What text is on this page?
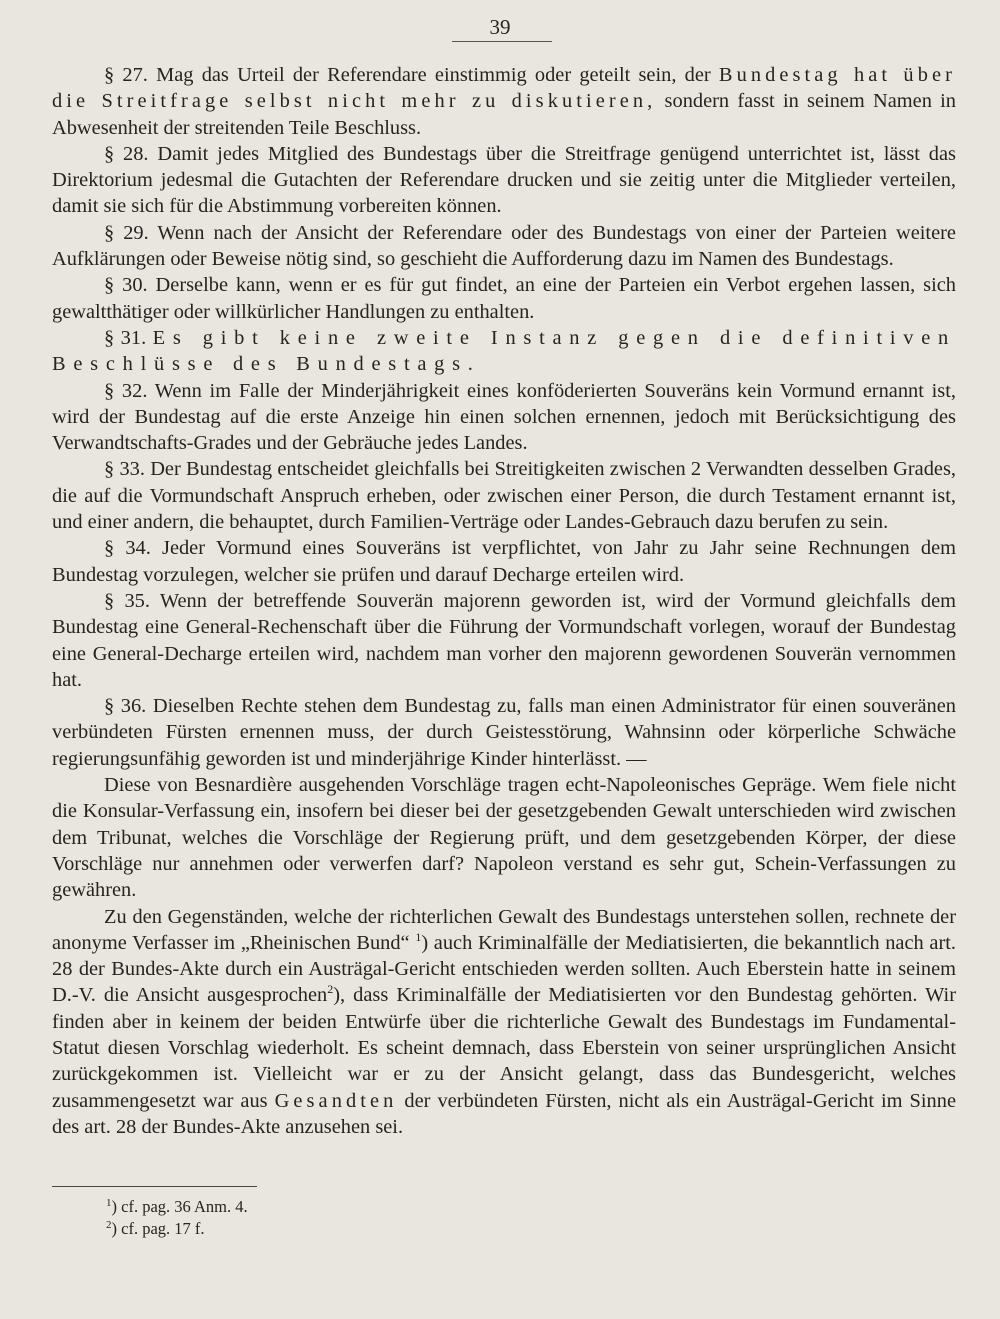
39

§ 27. Mag das Urteil der Referendare einstimmig oder geteilt sein, der Bundestag hat über die Streitfrage selbst nicht mehr zu diskutieren, sondern fasst in seinem Namen in Abwesenheit der streitenden Teile Beschluss.

§ 28. Damit jedes Mitglied des Bundestags über die Streitfrage genügend unterrichtet ist, lässt das Direktorium jedesmal die Gutachten der Referendare drucken und sie zeitig unter die Mitglieder verteilen, damit sie sich für die Abstimmung vorbereiten können.

§ 29. Wenn nach der Ansicht der Referendare oder des Bundestags von einer der Parteien weitere Aufklärungen oder Beweise nötig sind, so geschieht die Aufforderung dazu im Namen des Bundestags.

§ 30. Derselbe kann, wenn er es für gut findet, an eine der Parteien ein Verbot ergehen lassen, sich gewaltthätiger oder willkürlicher Handlungen zu enthalten.

§ 31. Es gibt keine zweite Instanz gegen die definitiven Beschlüsse des Bundestags.

§ 32. Wenn im Falle der Minderjährigkeit eines konföderierten Souveräns kein Vormund ernannt ist, wird der Bundestag auf die erste Anzeige hin einen solchen ernennen, jedoch mit Berücksichtigung des Verwandtschafts-Grades und der Gebräuche jedes Landes.

§ 33. Der Bundestag entscheidet gleichfalls bei Streitigkeiten zwischen 2 Verwandten desselben Grades, die auf die Vormundschaft Anspruch erheben, oder zwischen einer Person, die durch Testament ernannt ist, und einer andern, die behauptet, durch Familien-Verträge oder Landes-Gebrauch dazu berufen zu sein.

§ 34. Jeder Vormund eines Souveräns ist verpflichtet, von Jahr zu Jahr seine Rechnungen dem Bundestag vorzulegen, welcher sie prüfen und darauf Decharge erteilen wird.

§ 35. Wenn der betreffende Souverän majorenn geworden ist, wird der Vormund gleichfalls dem Bundestag eine General-Rechenschaft über die Führung der Vormundschaft vorlegen, worauf der Bundestag eine General-Decharge erteilen wird, nachdem man vorher den majorenn gewordenen Souverän vernommen hat.

§ 36. Dieselben Rechte stehen dem Bundestag zu, falls man einen Administrator für einen souveränen verbündeten Fürsten ernennen muss, der durch Geistesstörung, Wahnsinn oder körperliche Schwäche regierungsunfähig geworden ist und minderjährige Kinder hinterlässt. —

Diese von Besnardière ausgehenden Vorschläge tragen echt-Napoleonisches Gepräge. Wem fiele nicht die Konsular-Verfassung ein, insofern bei dieser bei der gesetzgebenden Gewalt unterschieden wird zwischen dem Tribunat, welches die Vorschläge der Regierung prüft, und dem gesetzgebenden Körper, der diese Vorschläge nur annehmen oder verwerfen darf? Napoleon verstand es sehr gut, Schein-Verfassungen zu gewähren.

Zu den Gegenständen, welche der richterlichen Gewalt des Bundestags unterstehen sollen, rechnete der anonyme Verfasser im „Rheinischen Bund“ $^1$) auch Kriminalfälle der Mediatisierten, die bekanntlich nach art. 28 der Bundes-Akte durch ein Austrägal-Gericht entschieden werden sollten. Auch Eberstein hatte in seinem D.-V. die Ansicht ausgesprochen$^2$), dass Kriminalfälle der Mediatisierten vor den Bundestag gehörten. Wir finden aber in keinem der beiden Entwürfe über die richterliche Gewalt des Bundestags im Fundamental-Statut diesen Vorschlag wiederholt. Es scheint demnach, dass Eberstein von seiner ursprünglichen Ansicht zurückgekommen ist. Vielleicht war er zu der Ansicht gelangt, dass das Bundesgericht, welches zusammengesetzt war aus Gesandten der verbündeten Fürsten, nicht als ein Austrägal-Gericht im Sinne des art. 28 der Bundes-Akte anzusehen sei.

$^1$) cf. pag. 36 Anm. 4.
$^2$) cf. pag. 17 f.
